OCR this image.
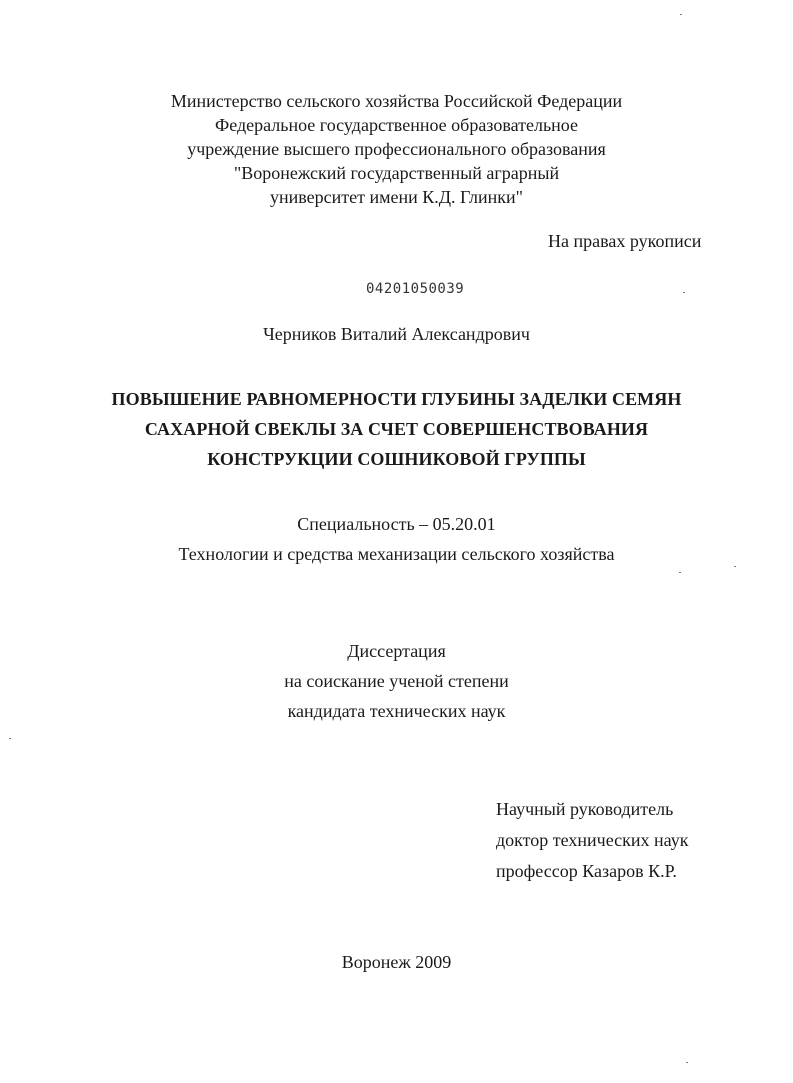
Министерство сельского хозяйства Российской Федерации
Федеральное государственное образовательное
учреждение высшего профессионального образования
"Воронежский государственный аграрный
университет имени К.Д. Глинки"
На правах рукописи
04201050039
Черников Виталий Александрович
ПОВЫШЕНИЕ РАВНОМЕРНОСТИ ГЛУБИНЫ ЗАДЕЛКИ СЕМЯН
САХАРНОЙ СВЕКЛЫ ЗА СЧЕТ СОВЕРШЕНСТВОВАНИЯ
КОНСТРУКЦИИ СОШНИКОВОЙ ГРУППЫ
Специальность – 05.20.01
Технологии и средства механизации сельского хозяйства
Диссертация
на соискание ученой степени
кандидата технических наук
Научный руководитель
доктор технических наук
профессор Казаров К.Р.
Воронеж 2009
